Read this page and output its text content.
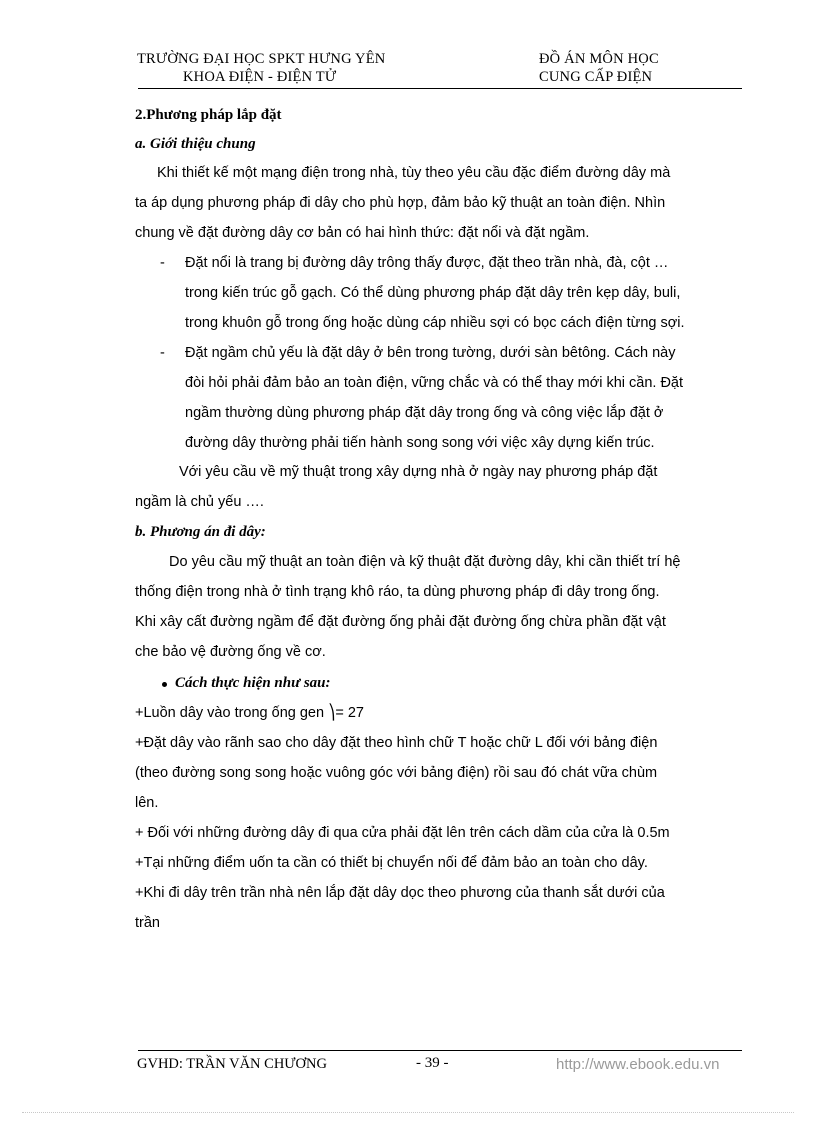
TRƯỜNG ĐẠI HỌC SPKT HƯNG YÊN
KHOA ĐIỆN - ĐIỆN TỬ
ĐỒ ÁN MÔN HỌC
CUNG CẤP ĐIỆN
2.Phương pháp lắp đặt
a. Giới thiệu chung
Khi thiết kế một mạng điện trong nhà, tùy theo yêu cầu đặc điểm đường dây mà
ta áp dụng phương pháp đi dây cho phù hợp, đảm bảo kỹ thuật an toàn điện. Nhìn
chung về đặt đường dây cơ bản có hai hình thức: đặt nổi và đặt ngầm.
- Đặt nổi là trang bị đường dây trông thấy được, đặt theo trần nhà, đà, cột …
trong kiến trúc gỗ gạch. Có thể dùng phương pháp đặt dây trên kẹp dây, buli,
trong khuôn gỗ trong ống hoặc dùng cáp nhiều sợi có bọc cách điện từng sợi.
- Đặt ngầm chủ yếu là đặt dây ở bên trong tường, dưới sàn bêtông. Cách này
đòi hỏi phải đảm bảo an toàn điện, vững chắc và có thể thay mới khi cần. Đặt
ngầm thường dùng phương pháp đặt dây trong ống và công việc lắp đặt ở
đường dây thường phải tiến hành song song với việc xây dựng kiến trúc.
Với yêu cầu về mỹ thuật trong xây dựng nhà ở ngày nay phương pháp đặt
ngầm là chủ yếu ….
b. Phương án đi dây:
Do yêu cầu mỹ thuật an toàn điện và kỹ thuật đặt đường dây, khi cần thiết trí hệ
thống điện trong nhà ở tình trạng khô ráo, ta dùng phương pháp đi dây trong ống.
Khi xây cất đường ngầm để đặt đường ống phải đặt đường ống chừa phần đặt vật
che bảo vệ đường ống về cơ.
Cách thực hiện như sau:
+Luồn dây vào trong ống gen ⎞= 27
+Đặt dây vào rãnh sao cho dây đặt theo hình chữ T hoặc chữ L đối với bảng điện
(theo đường song song hoặc vuông góc với bảng điện) rồi sau đó chát vữa chùm
lên.
+ Đối với những đường dây đi qua cửa phải đặt lên trên cách dầm của cửa là 0.5m
+Tại những điểm uốn ta cần có thiết bị chuyển nối để đảm bảo an toàn cho dây.
+Khi đi dây trên trần nhà nên lắp đặt dây dọc theo phương của thanh sắt dưới của
trần
GVHD: TRẦN VĂN CHƯƠNG	- 39 -	http://www.ebook.edu.vn
